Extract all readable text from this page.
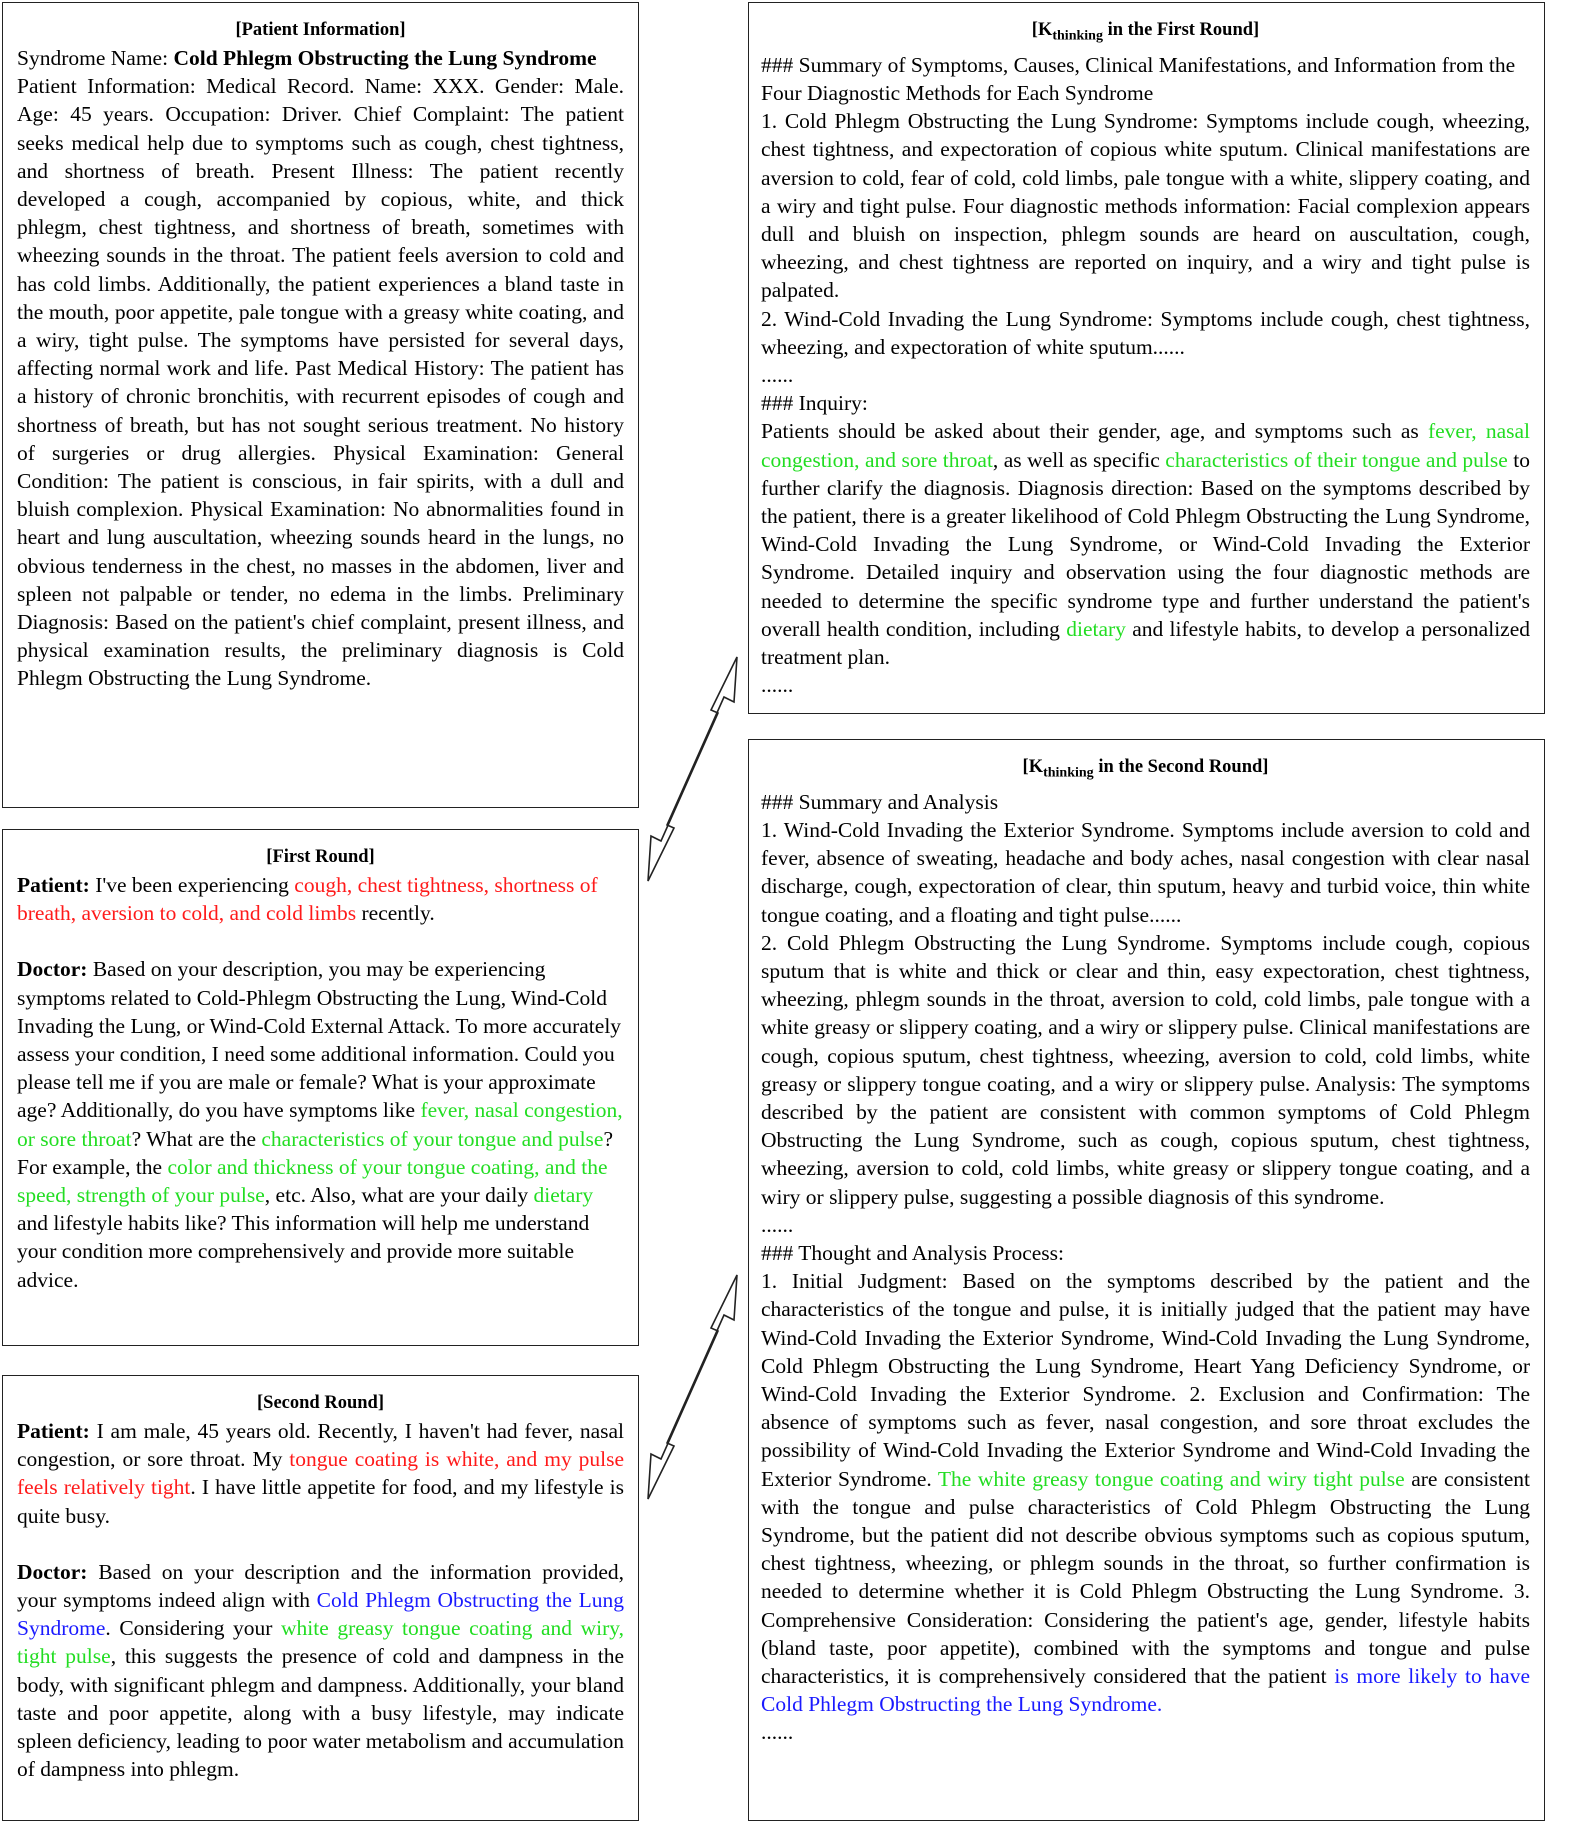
[Patient Information]

Syndrome Name: Cold Phlegm Obstructing the Lung Syndrome

Patient Information: Medical Record. Name: XXX. Gender: Male. Age: 45 years. Occupation: Driver. Chief Complaint: The patient seeks medical help due to symptoms such as cough, chest tightness, and shortness of breath. Present Illness: The patient recently developed a cough, accompanied by copious, white, and thick phlegm, chest tightness, and shortness of breath, sometimes with wheezing sounds in the throat. The patient feels aversion to cold and has cold limbs. Additionally, the patient experiences a bland taste in the mouth, poor appetite, pale tongue with a greasy white coating, and a wiry, tight pulse. The symptoms have persisted for several days, affecting normal work and life. Past Medical History: The patient has a history of chronic bronchitis, with recurrent episodes of cough and shortness of breath, but has not sought serious treatment. No history of surgeries or drug allergies. Physical Examination: General Condition: The patient is conscious, in fair spirits, with a dull and bluish complexion. Physical Examination: No abnormalities found in heart and lung auscultation, wheezing sounds heard in the lungs, no obvious tenderness in the chest, no masses in the abdomen, liver and spleen not palpable or tender, no edema in the limbs. Preliminary Diagnosis: Based on the patient's chief complaint, present illness, and physical examination results, the preliminary diagnosis is Cold Phlegm Obstructing the Lung Syndrome.

[First Round]

Patient: I've been experiencing cough, chest tightness, shortness of breath, aversion to cold, and cold limbs recently.

Doctor: Based on your description, you may be experiencing symptoms related to Cold-Phlegm Obstructing the Lung, Wind-Cold Invading the Lung, or Wind-Cold External Attack. To more accurately assess your condition, I need some additional information. Could you please tell me if you are male or female? What is your approximate age? Additionally, do you have symptoms like fever, nasal congestion, or sore throat? What are the characteristics of your tongue and pulse? For example, the color and thickness of your tongue coating, and the speed, strength of your pulse, etc. Also, what are your daily dietary and lifestyle habits like? This information will help me understand your condition more comprehensively and provide more suitable advice.

[Second Round]

Patient: I am male, 45 years old. Recently, I haven't had fever, nasal congestion, or sore throat. My tongue coating is white, and my pulse feels relatively tight. I have little appetite for food, and my lifestyle is quite busy.

Doctor: Based on your description and the information provided, your symptoms indeed align with Cold Phlegm Obstructing the Lung Syndrome. Considering your white greasy tongue coating and wiry, tight pulse, this suggests the presence of cold and dampness in the body, with significant phlegm and dampness. Additionally, your bland taste and poor appetite, along with a busy lifestyle, may indicate spleen deficiency, leading to poor water metabolism and accumulation of dampness into phlegm.

[$K_{thinking}$ in the First Round]

### Summary of Symptoms, Causes, Clinical Manifestations, and Information from the Four Diagnostic Methods for Each Syndrome

1. Cold Phlegm Obstructing the Lung Syndrome: Symptoms include cough, wheezing, chest tightness, and expectoration of copious white sputum. Clinical manifestations are aversion to cold, fear of cold, cold limbs, pale tongue with a white, slippery coating, and a wiry and tight pulse. Four diagnostic methods information: Facial complexion appears dull and bluish on inspection, phlegm sounds are heard on auscultation, cough, wheezing, and chest tightness are reported on inquiry, and a wiry and tight pulse is palpated.

2. Wind-Cold Invading the Lung Syndrome: Symptoms include cough, chest tightness, wheezing, and expectoration of white sputum......

......

### Inquiry:

Patients should be asked about their gender, age, and symptoms such as fever, nasal congestion, and sore throat, as well as specific characteristics of their tongue and pulse to further clarify the diagnosis. Diagnosis direction: Based on the symptoms described by the patient, there is a greater likelihood of Cold Phlegm Obstructing the Lung Syndrome, Wind-Cold Invading the Lung Syndrome, or Wind-Cold Invading the Exterior Syndrome. Detailed inquiry and observation using the four diagnostic methods are needed to determine the specific syndrome type and further understand the patient's overall health condition, including dietary and lifestyle habits, to develop a personalized treatment plan.

......

[$K_{thinking}$ in the Second Round]

### Summary and Analysis

1. Wind-Cold Invading the Exterior Syndrome. Symptoms include aversion to cold and fever, absence of sweating, headache and body aches, nasal congestion with clear nasal discharge, cough, expectoration of clear, thin sputum, heavy and turbid voice, thin white tongue coating, and a floating and tight pulse......

2. Cold Phlegm Obstructing the Lung Syndrome. Symptoms include cough, copious sputum that is white and thick or clear and thin, easy expectoration, chest tightness, wheezing, phlegm sounds in the throat, aversion to cold, cold limbs, pale tongue with a white greasy or slippery coating, and a wiry or slippery pulse. Clinical manifestations are cough, copious sputum, chest tightness, wheezing, aversion to cold, cold limbs, white greasy or slippery tongue coating, and a wiry or slippery pulse. Analysis: The symptoms described by the patient are consistent with common symptoms of Cold Phlegm Obstructing the Lung Syndrome, such as cough, copious sputum, chest tightness, wheezing, aversion to cold, cold limbs, white greasy or slippery tongue coating, and a wiry or slippery pulse, suggesting a possible diagnosis of this syndrome.

......

### Thought and Analysis Process:

1. Initial Judgment: Based on the symptoms described by the patient and the characteristics of the tongue and pulse, it is initially judged that the patient may have Wind-Cold Invading the Exterior Syndrome, Wind-Cold Invading the Lung Syndrome, Cold Phlegm Obstructing the Lung Syndrome, Heart Yang Deficiency Syndrome, or Wind-Cold Invading the Exterior Syndrome. 2. Exclusion and Confirmation: The absence of symptoms such as fever, nasal congestion, and sore throat excludes the possibility of Wind-Cold Invading the Exterior Syndrome and Wind-Cold Invading the Exterior Syndrome. The white greasy tongue coating and wiry tight pulse are consistent with the tongue and pulse characteristics of Cold Phlegm Obstructing the Lung Syndrome, but the patient did not describe obvious symptoms such as copious sputum, chest tightness, wheezing, or phlegm sounds in the throat, so further confirmation is needed to determine whether it is Cold Phlegm Obstructing the Lung Syndrome. 3. Comprehensive Consideration: Considering the patient's age, gender, lifestyle habits (bland taste, poor appetite), combined with the symptoms and tongue and pulse characteristics, it is comprehensively considered that the patient is more likely to have Cold Phlegm Obstructing the Lung Syndrome.

......
